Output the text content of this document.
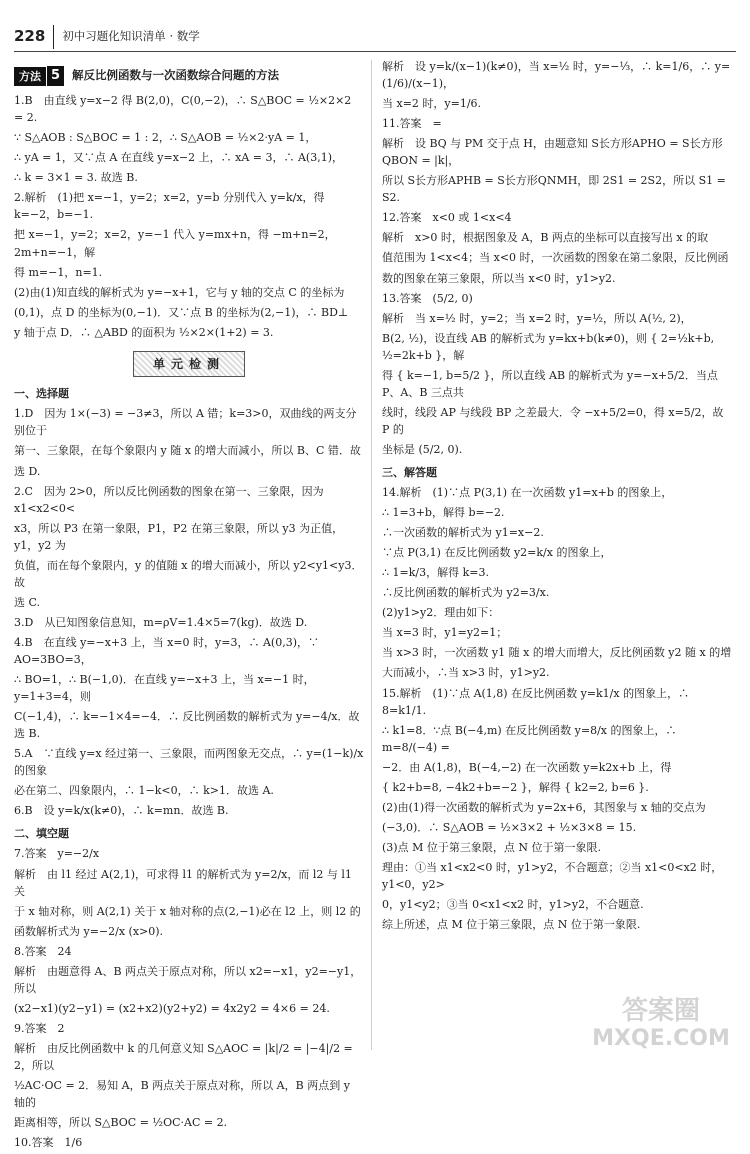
228	初中习题化知识清单 · 数学
方法 5	解反比例函数与一次函数综合问题的方法

1.B　由直线 y=x−2 得 B(2,0)，C(0,−2)，∴ S△BOC = ½×2×2 = 2.

∵ S△AOB : S△BOC = 1 : 2，∴ S△AOB = ½×2·yA = 1，

∴ yA = 1，又∵点 A 在直线 y=x−2 上，∴ xA = 3，∴ A(3,1)，

∴ k = 3×1 = 3. 故选 B.

2.解析　(1)把 x=−1，y=2；x=2，y=b 分别代入 y=k/x，得 k=−2，b=−1.

把 x=−1，y=2；x=2，y=−1 代入 y=mx+n，得 −m+n=2，2m+n=−1，解

得 m=−1，n=1.

(2)由(1)知直线的解析式为 y=−x+1，它与 y 轴的交点 C 的坐标为

(0,1)，点 D 的坐标为(0,−1)．又∵点 B 的坐标为(2,−1)，∴ BD⊥

y 轴于点 D．∴ △ABD 的面积为 ½×2×(1+2) = 3.

单元检测
一、选择题

1.D　因为 1×(−3) = −3≠3，所以 A 错；k=3>0，双曲线的两支分别位于

第一、三象限，在每个象限内 y 随 x 的增大而减小，所以 B、C 错．故

选 D.

2.C　因为 2>0，所以反比例函数的图象在第一、三象限，因为 x1<x2<0<

x3，所以 P3 在第一象限，P1，P2 在第三象限，所以 y3 为正值，y1，y2 为

负值，而在每个象限内，y 的值随 x 的增大而减小，所以 y2<y1<y3．故

选 C.

3.D　从已知图象信息知，m=ρV=1.4×5=7(kg)．故选 D.

4.B　在直线 y=−x+3 上，当 x=0 时，y=3，∴ A(0,3)，∵ AO=3BO=3，

∴ BO=1，∴ B(−1,0)．在直线 y=−x+3 上，当 x=−1 时，y=1+3=4，则

C(−1,4)，∴ k=−1×4=−4．∴ 反比例函数的解析式为 y=−4/x．故选 B.

5.A　∵直线 y=x 经过第一、三象限，而两图象无交点，∴ y=(1−k)/x 的图象

必在第二、四象限内，∴ 1−k<0，∴ k>1．故选 A.

6.B　设 y=k/x(k≠0)，∴ k=mn．故选 B.

二、填空题

7.答案　y=−2/x

解析　由 l1 经过 A(2,1)，可求得 l1 的解析式为 y=2/x，而 l2 与 l1 关

于 x 轴对称，则 A(2,1) 关于 x 轴对称的点(2,−1)必在 l2 上，则 l2 的

函数解析式为 y=−2/x (x>0).

8.答案　24

解析　由题意得 A、B 两点关于原点对称，所以 x2=−x1，y2=−y1，所以

(x2−x1)(y2−y1) = (x2+x2)(y2+y2) = 4x2y2 = 4×6 = 24.

9.答案　2

解析　由反比例函数中 k 的几何意义知 S△AOC = |k|/2 = |−4|/2 = 2，所以

½AC·OC = 2．易知 A，B 两点关于原点对称，所以 A，B 两点到 y 轴的

距离相等，所以 S△BOC = ½OC·AC = 2.

10.答案　1/6

解析　设 y=k/(x−1)(k≠0)，当 x=½ 时，y=−⅓，∴ k=1/6，∴ y=(1/6)/(x−1)，

当 x=2 时，y=1/6.

11.答案　=

解析　设 BQ 与 PM 交于点 H，由题意知 S长方形APHO = S长方形QBON = |k|，

所以 S长方形APHB = S长方形QNMH，即 2S1 = 2S2，所以 S1 = S2.

12.答案　x<0 或 1<x<4

解析　x>0 时，根据图象及 A，B 两点的坐标可以直接写出 x 的取

值范围为 1<x<4；当 x<0 时，一次函数的图象在第二象限，反比例函

数的图象在第三象限，所以当 x<0 时，y1>y2.

13.答案　(5/2, 0)

解析　当 x=½ 时，y=2；当 x=2 时，y=½，所以 A(½, 2)，

B(2, ½)，设直线 AB 的解析式为 y=kx+b(k≠0)，则 { 2=½k+b, ½=2k+b }，解

得 { k=−1, b=5/2 }，所以直线 AB 的解析式为 y=−x+5/2．当点 P、A、B 三点共

线时，线段 AP 与线段 BP 之差最大．令 −x+5/2=0，得 x=5/2，故 P 的

坐标是 (5/2, 0).

三、解答题

14.解析　(1)∵点 P(3,1) 在一次函数 y1=x+b 的图象上，

∴ 1=3+b，解得 b=−2.

∴一次函数的解析式为 y1=x−2.

∵点 P(3,1) 在反比例函数 y2=k/x 的图象上，

∴ 1=k/3，解得 k=3.

∴反比例函数的解析式为 y2=3/x.

(2)y1>y2．理由如下：

当 x=3 时，y1=y2=1；

当 x>3 时，一次函数 y1 随 x 的增大而增大，反比例函数 y2 随 x 的增

大而减小，∴当 x>3 时，y1>y2.

15.解析　(1)∵点 A(1,8) 在反比例函数 y=k1/x 的图象上，∴ 8=k1/1.

∴ k1=8．∵点 B(−4,m) 在反比例函数 y=8/x 的图象上，∴ m=8/(−4) =

−2．由 A(1,8)，B(−4,−2) 在一次函数 y=k2x+b 上，得

{ k2+b=8, −4k2+b=−2 }，解得 { k2=2, b=6 }.

(2)由(1)得一次函数的解析式为 y=2x+6，其图象与 x 轴的交点为

(−3,0)．∴ S△AOB = ½×3×2 + ½×3×8 = 15.

(3)点 M 位于第三象限，点 N 位于第一象限.

理由：①当 x1<x2<0 时，y1>y2，不合题意；②当 x1<0<x2 时，y1<0，y2>

0，y1<y2；③当 0<x1<x2 时，y1>y2，不合题意.

综上所述，点 M 位于第三象限，点 N 位于第一象限.

答案圈
MXQE.COM
